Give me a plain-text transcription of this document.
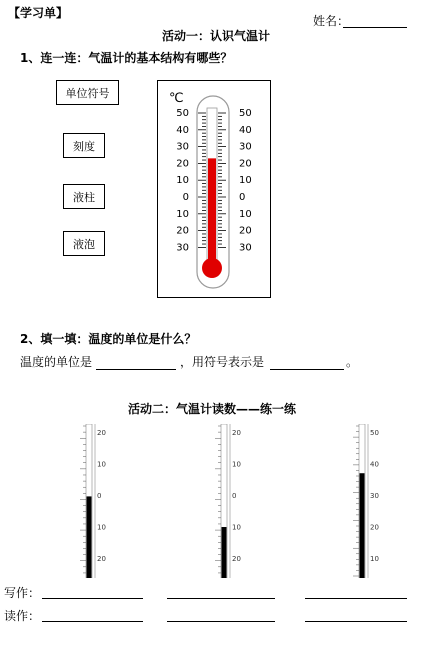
【学习单】
姓名：
活动一：认识气温计
1、连一连：气温计的基本结构有哪些？
单位符号
刻度
液柱
液泡
℃
50	50
40	40
30	30
20	20
10	10
0	0
10	10
20	20
30	30
2、填一填：温度的单位是什么？
温度的单位是	，用符号表示是	。
活动二：气温计读数——练一练
20
10
0
10
20
20
10
0
10
20
50
40
30
20
10
写作：
读作：
